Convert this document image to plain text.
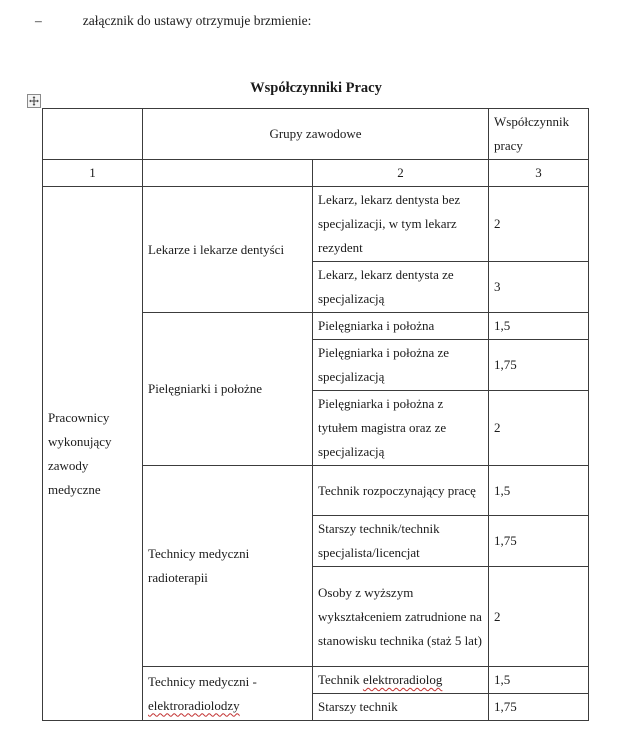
–	załącznik do ustawy otrzymuje brzmienie:
Współczynniki Pracy
	Grupy zawodowe		Współczynnik pracy
1		2	3
Pracownicy wykonujący zawody medyczne	Lekarze i lekarze dentyści	Lekarz, lekarz dentysta bez specjalizacji, w tym lekarz rezydent	2
		Lekarz, lekarz dentysta ze specjalizacją	3
	Pielęgniarki i położne	Pielęgniarka i położna	1,5
		Pielęgniarka i położna ze specjalizacją	1,75
		Pielęgniarka i położna z tytułem magistra oraz ze specjalizacją	2
	Technicy medyczni radioterapii	Technik rozpoczynający pracę	1,5
		Starszy technik/technik specjalista/licencjat	1,75
		Osoby z wyższym wykształceniem zatrudnione na stanowisku technika (staż 5 lat)	2
	Technicy medyczni - elektroradiolodzy	Technik elektroradiolog	1,5
		Starszy technik	1,75
